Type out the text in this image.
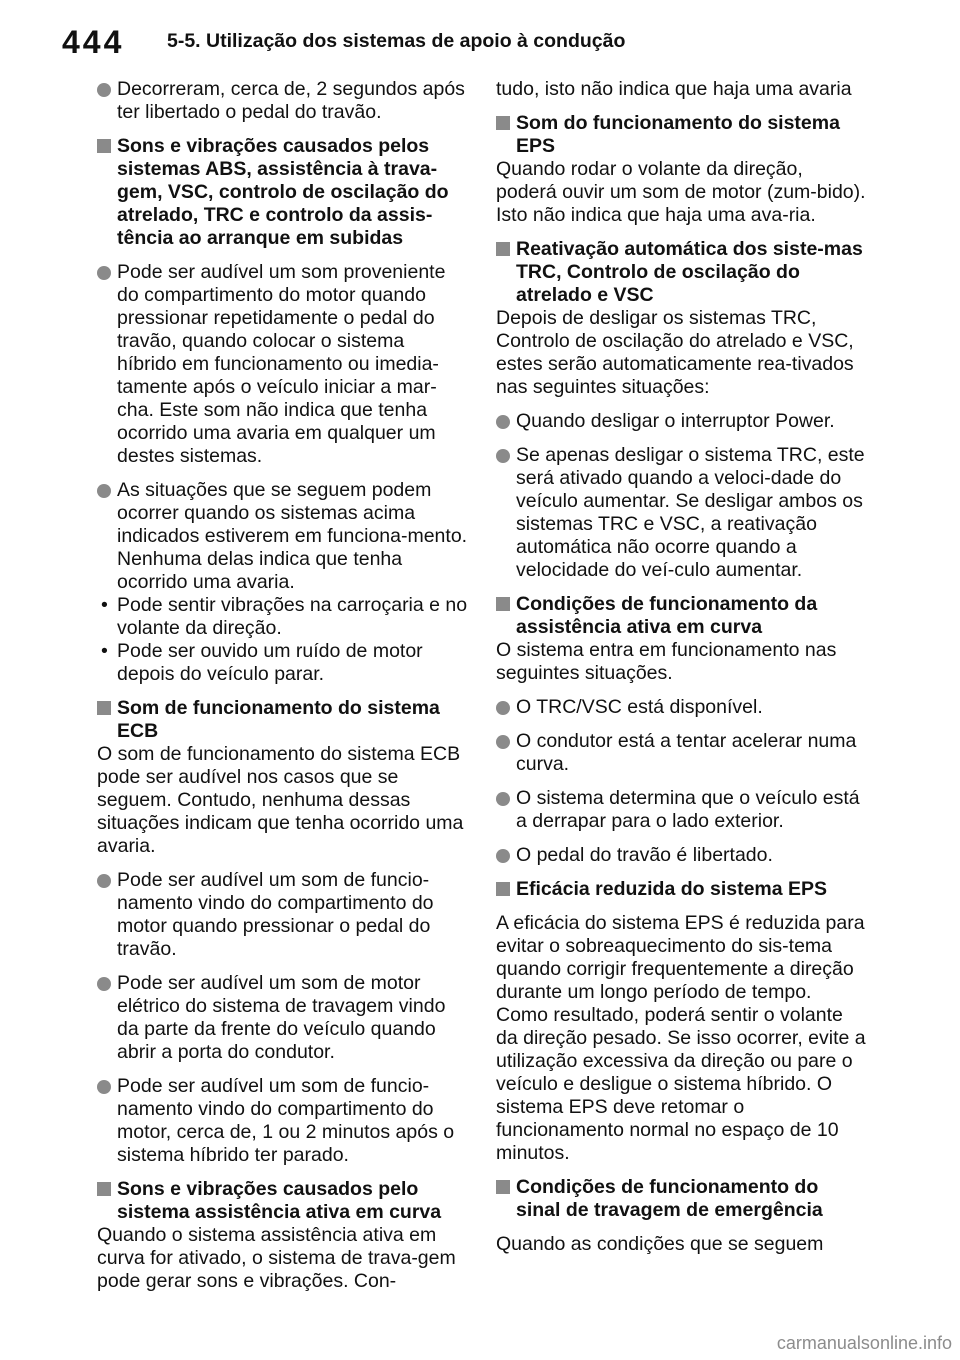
444 5-5. Utilização dos sistemas de apoio à condução

Decorreram, cerca de, 2 segundos após ter libertado o pedal do travão.

Sons e vibrações causados pelos sistemas ABS, assistência à trava-gem, VSC, controlo de oscilação do atrelado, TRC e controlo da assis-tência ao arranque em subidas

Pode ser audível um som proveniente do compartimento do motor quando pressionar repetidamente o pedal do travão, quando colocar o sistema híbrido em funcionamento ou imedia-tamente após o veículo iniciar a mar-cha. Este som não indica que tenha ocorrido uma avaria em qualquer um destes sistemas.

As situações que se seguem podem ocorrer quando os sistemas acima indicados estiverem em funciona-mento. Nenhuma delas indica que tenha ocorrido uma avaria.

• Pode sentir vibrações na carroçaria e no volante da direção.

• Pode ser ouvido um ruído de motor depois do veículo parar.

Som de funcionamento do sistema ECB

O som de funcionamento do sistema ECB pode ser audível nos casos que se seguem. Contudo, nenhuma dessas situações indicam que tenha ocorrido uma avaria.

Pode ser audível um som de funcio-namento vindo do compartimento do motor quando pressionar o pedal do travão.

Pode ser audível um som de motor elétrico do sistema de travagem vindo da parte da frente do veículo quando abrir a porta do condutor.

Pode ser audível um som de funcio-namento vindo do compartimento do motor, cerca de, 1 ou 2 minutos após o sistema híbrido ter parado.

Sons e vibrações causados pelo sistema assistência ativa em curva

Quando o sistema assistência ativa em curva for ativado, o sistema de trava-gem pode gerar sons e vibrações. Con-

tudo, isto não indica que haja uma avaria

Som do funcionamento do sistema EPS

Quando rodar o volante da direção, poderá ouvir um som de motor (zum-bido). Isto não indica que haja uma ava-ria.

Reativação automática dos siste-mas TRC, Controlo de oscilação do atrelado e VSC

Depois de desligar os sistemas TRC, Controlo de oscilação do atrelado e VSC, estes serão automaticamente rea-tivados nas seguintes situações:

Quando desligar o interruptor Power.

Se apenas desligar o sistema TRC, este será ativado quando a veloci-dade do veículo aumentar. Se desligar ambos os sistemas TRC e VSC, a reativação automática não ocorre quando a velocidade do veí-culo aumentar.

Condições de funcionamento da assistência ativa em curva

O sistema entra em funcionamento nas seguintes situações.

O TRC/VSC está disponível.

O condutor está a tentar acelerar numa curva.

O sistema determina que o veículo está a derrapar para o lado exterior.

O pedal do travão é libertado.

Eficácia reduzida do sistema EPS

A eficácia do sistema EPS é reduzida para evitar o sobreaquecimento do sis-tema quando corrigir frequentemente a direção durante um longo período de tempo. Como resultado, poderá sentir o volante da direção pesado. Se isso ocorrer, evite a utilização excessiva da direção ou pare o veículo e desligue o sistema híbrido. O sistema EPS deve retomar o funcionamento normal no espaço de 10 minutos.

Condições de funcionamento do sinal de travagem de emergência

Quando as condições que se seguem

carmanualsonline.info
